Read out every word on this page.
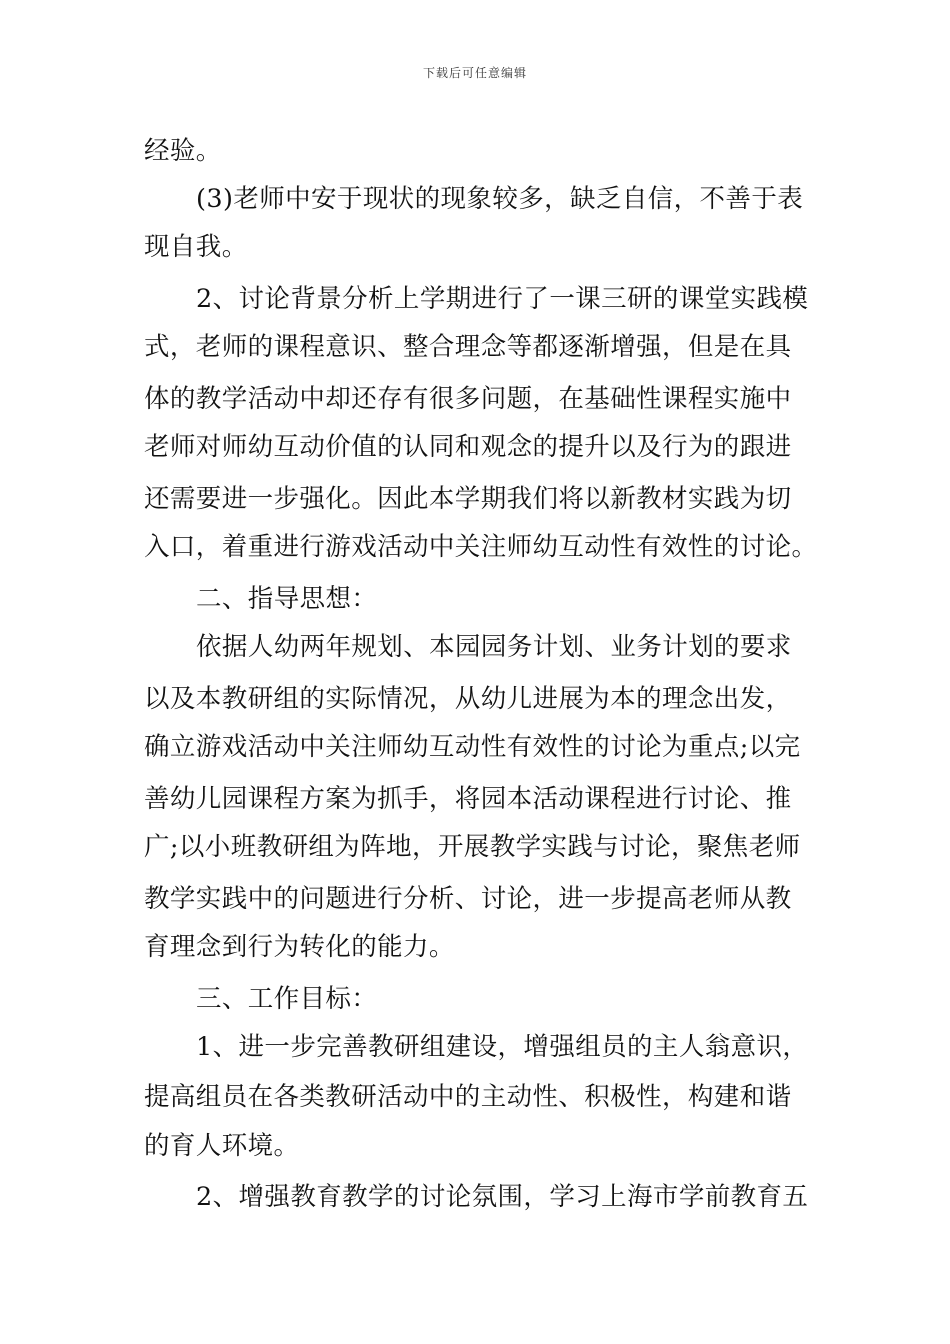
下载后可任意编辑
经验。
(3)老师中安于现状的现象较多，缺乏自信，不善于表
现自我。
2、讨论背景分析上学期进行了一课三研的课堂实践模
式，老师的课程意识、整合理念等都逐渐增强，但是在具
体的教学活动中却还存有很多问题，在基础性课程实施中
老师对师幼互动价值的认同和观念的提升以及行为的跟进
还需要进一步强化。因此本学期我们将以新教材实践为切
入口，着重进行游戏活动中关注师幼互动性有效性的讨论。
二、指导思想：
依据人幼两年规划、本园园务计划、业务计划的要求
以及本教研组的实际情况，从幼儿进展为本的理念出发，
确立游戏活动中关注师幼互动性有效性的讨论为重点;以完
善幼儿园课程方案为抓手，将园本活动课程进行讨论、推
广;以小班教研组为阵地，开展教学实践与讨论，聚焦老师
教学实践中的问题进行分析、讨论，进一步提高老师从教
育理念到行为转化的能力。
三、工作目标：
1、进一步完善教研组建设，增强组员的主人翁意识，
提高组员在各类教研活动中的主动性、积极性，构建和谐
的育人环境。
2、增强教育教学的讨论氛围，学习上海市学前教育五
